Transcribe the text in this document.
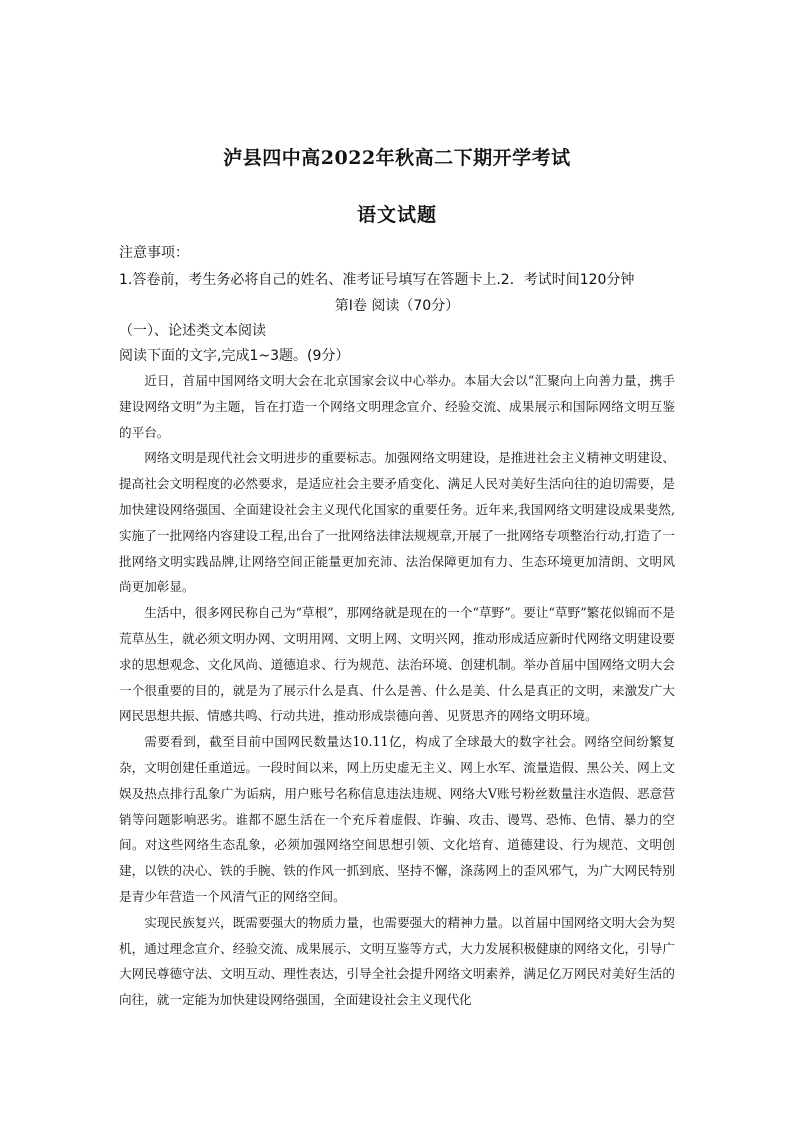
泸县四中高2022年秋高二下期开学考试
语文试题
注意事项：
1.答卷前，考生务必将自己的姓名、准考证号填写在答题卡上.2．考试时间120分钟
第Ⅰ卷 阅读（70分）
（一）、论述类文本阅读
阅读下面的文字,完成1~3题。(9分）

近日，首届中国网络文明大会在北京国家会议中心举办。本届大会以“汇聚向上向善力量，携手建设网络文明”为主题，旨在打造一个网络文明理念宣介、经验交流、成果展示和国际网络文明互鉴的平台。

网络文明是现代社会文明进步的重要标志。加强网络文明建设，是推进社会主义精神文明建设、提高社会文明程度的必然要求，是适应社会主要矛盾变化、满足人民对美好生活向往的迫切需要，是加快建设网络强国、全面建设社会主义现代化国家的重要任务。近年来,我国网络文明建设成果斐然,实施了一批网络内容建设工程,出台了一批网络法律法规规章,开展了一批网络专项整治行动,打造了一批网络文明实践品牌,让网络空间正能量更加充沛、法治保障更加有力、生态环境更加清朗、文明风尚更加彰显。

生活中，很多网民称自己为“草根”，那网络就是现在的一个“草野”。要让“草野”繁花似锦而不是荒草丛生，就必须文明办网、文明用网、文明上网、文明兴网，推动形成适应新时代网络文明建设要求的思想观念、文化风尚、道德追求、行为规范、法治环境、创建机制。举办首届中国网络文明大会一个很重要的目的，就是为了展示什么是真、什么是善、什么是美、什么是真正的文明，来激发广大网民思想共振、情感共鸣、行动共进，推动形成崇德向善、见贤思齐的网络文明环境。

需要看到，截至目前中国网民数量达10.11亿，构成了全球最大的数字社会。网络空间纷繁复杂，文明创建任重道远。一段时间以来，网上历史虚无主义、网上水军、流量造假、黑公关、网上文娱及热点排行乱象广为诟病，用户账号名称信息违法违规、网络大V账号粉丝数量注水造假、恶意营销等问题影响恶劣。谁都不愿生活在一个充斥着虚假、诈骗、攻击、谩骂、恐怖、色情、暴力的空间。对这些网络生态乱象，必须加强网络空间思想引领、文化培育、道德建设、行为规范、文明创建，以铁的决心、铁的手腕、铁的作风一抓到底、坚持不懈，涤荡网上的歪风邪气，为广大网民特别是青少年营造一个风清气正的网络空间。

实现民族复兴，既需要强大的物质力量，也需要强大的精神力量。以首届中国网络文明大会为契机，通过理念宣介、经验交流、成果展示、文明互鉴等方式，大力发展积极健康的网络文化，引导广大网民尊德守法、文明互动、理性表达，引导全社会提升网络文明素养，满足亿万网民对美好生活的向往，就一定能为加快建设网络强国，全面建设社会主义现代化
